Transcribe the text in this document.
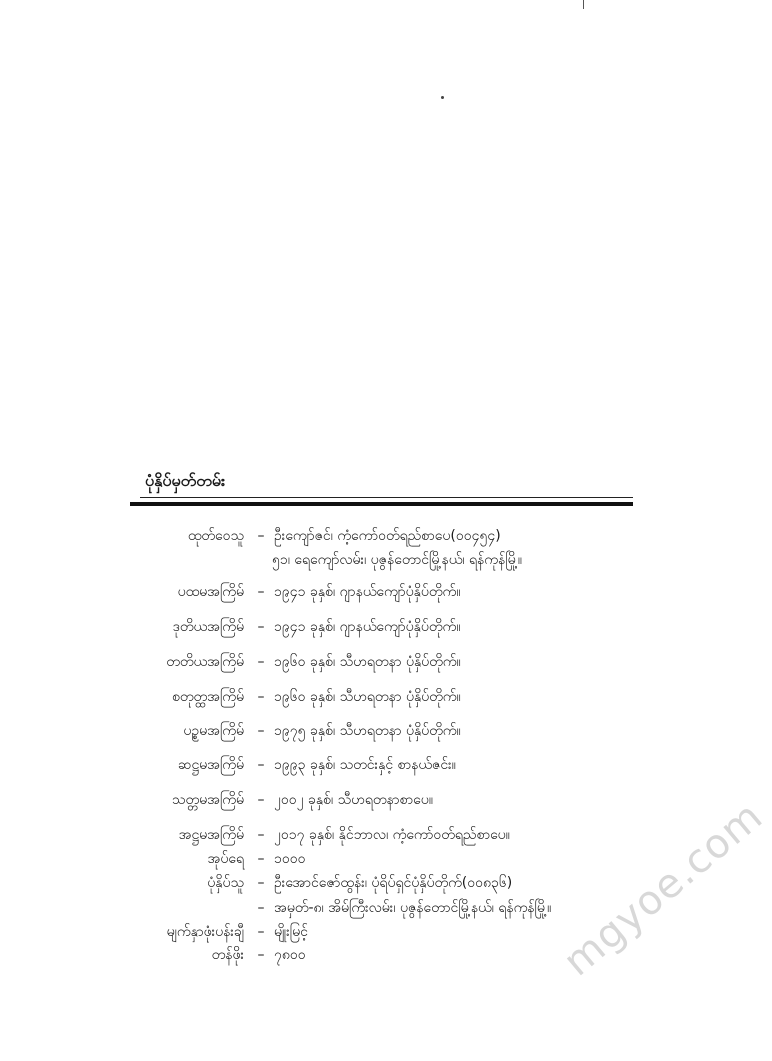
ပုံနှိပ်မှတ်တမ်း
ထုတ်ဝေသူ – ဦးကျော်ဇင်၊ ကံ့ကော်ဝတ်ရည်စာပေ(၀၀၄၅၄)
၅၁၊ ရေကျော်လမ်း၊ ပုဇွန်တောင်မြို့နယ်၊ ရန်ကုန်မြို့။
ပထမအကြိမ် – ၁၉၄၁ ခုနှစ်၊ ဂျာနယ်ကျော်ပုံနှိပ်တိုက်။
ဒုတိယအကြိမ် – ၁၉၄၁ ခုနှစ်၊ ဂျာနယ်ကျော်ပုံနှိပ်တိုက်။
တတိယအကြိမ် – ၁၉၆၀ ခုနှစ်၊ သီဟရတနာ ပုံနှိပ်တိုက်။
စတုတ္ထအကြိမ် – ၁၉၆၀ ခုနှစ်၊ သီဟရတနာ ပုံနှိပ်တိုက်။
ပဉ္စမအကြိမ် – ၁၉၇၅ ခုနှစ်၊ သီဟရတနာ ပုံနှိပ်တိုက်။
ဆဋ္ဌမအကြိမ် – ၁၉၉၃ ခုနှစ်၊ သတင်းနှင့် စာနယ်ဇင်း။
သတ္တမအကြိမ် – ၂၀၀၂ ခုနှစ်၊ သီဟရတနာစာပေ။
အဋ္ဌမအကြိမ် – ၂၀၁၇ ခုနှစ်၊ နိုင်ဘာလ၊ ကံ့ကော်ဝတ်ရည်စာပေ။
အုပ်ရေ – ၁၀၀၀
ပုံနှိပ်သူ – ဦးအောင်ဇော်ထွန်း၊ ပုံရိပ်ရှင်ပုံနှိပ်တိုက်(၀၀၈၃၆)
– အမှတ်-၈၊ အိမ်ကြီးလမ်း၊ ပုဇွန်တောင်မြို့နယ်၊ ရန်ကုန်မြို့။
မျက်နှာဖုံးပန်းချီ – မျိုးမြင့်
တန်ဖိုး – ၇၈၀၀	mgyoe.com
